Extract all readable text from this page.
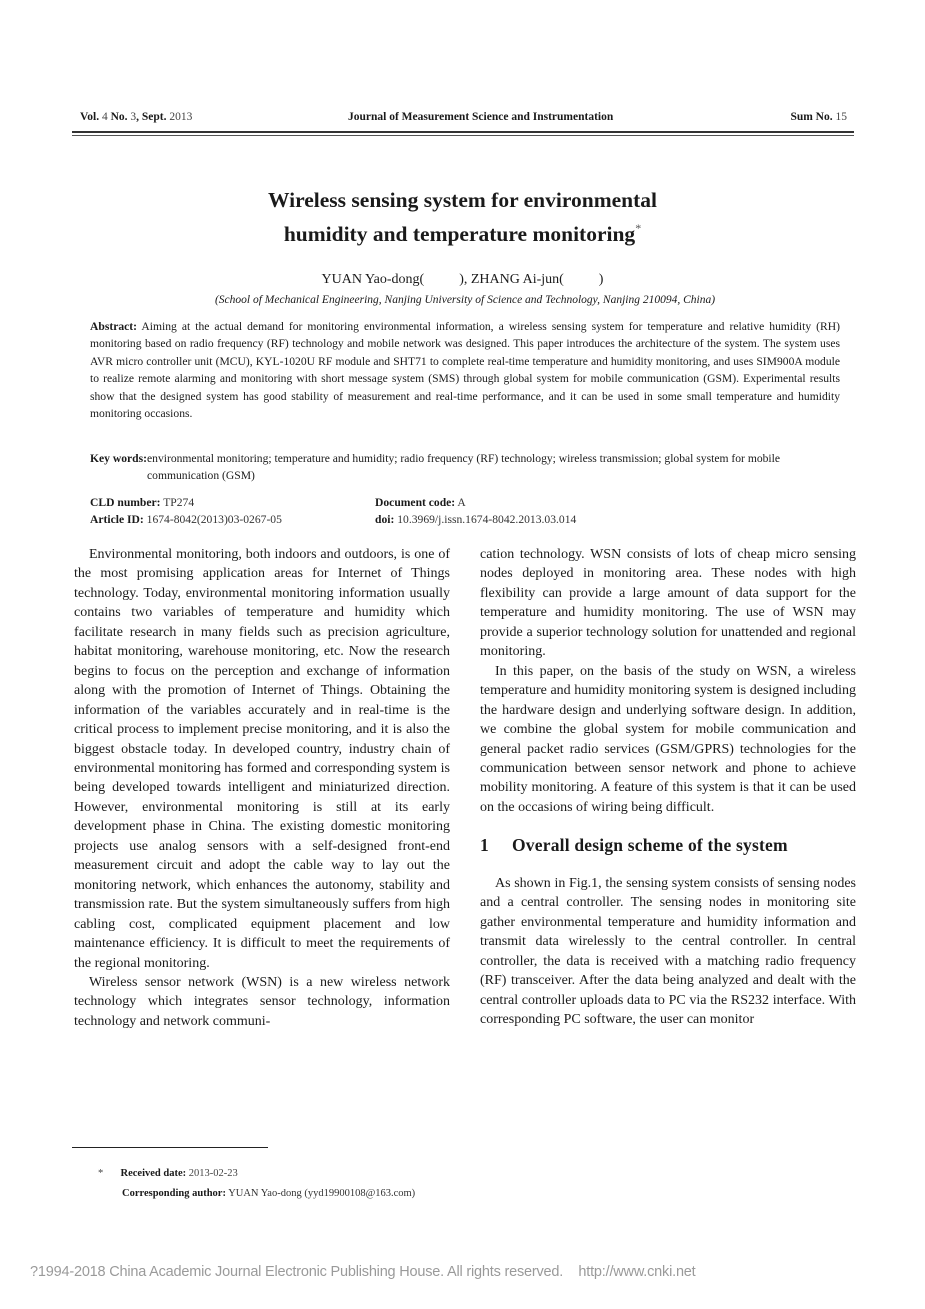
Vol. 4 No. 3, Sept. 2013	Journal of Measurement Science and Instrumentation	Sum No. 15
Wireless sensing system for environmental
humidity and temperature monitoring*
YUAN Yao-dong(          ), ZHANG Ai-jun(          )
(School of Mechanical Engineering, Nanjing University of Science and Technology, Nanjing 210094, China)
Abstract: Aiming at the actual demand for monitoring environmental information, a wireless sensing system for temperature and relative humidity (RH) monitoring based on radio frequency (RF) technology and mobile network was designed. This paper introduces the architecture of the system. The system uses AVR micro controller unit (MCU), KYL-1020U RF module and SHT71 to complete real-time temperature and humidity monitoring, and uses SIM900A module to realize remote alarming and monitoring with short message system (SMS) through global system for mobile communication (GSM). Experimental results show that the designed system has good stability of measurement and real-time performance, and it can be used in some small temperature and humidity monitoring occasions.
Key words: environmental monitoring; temperature and humidity; radio frequency (RF) technology; wireless transmission; global system for mobile communication (GSM)
CLD number: TP274	Document code: A
Article ID: 1674-8042(2013)03-0267-05	doi: 10.3969/j.issn.1674-8042.2013.03.014

Environmental monitoring, both indoors and outdoors, is one of the most promising application areas for Internet of Things technology. Today, environmental monitoring information usually contains two variables of temperature and humidity which facilitate research in many fields such as precision agriculture, habitat monitoring, warehouse monitoring, etc. Now the research begins to focus on the perception and exchange of information along with the promotion of Internet of Things. Obtaining the information of the variables accurately and in real-time is the critical process to implement precise monitoring, and it is also the biggest obstacle today. In developed country, industry chain of environmental monitoring has formed and corresponding system is being developed towards intelligent and miniaturized direction. However, environmental monitoring is still at its early development phase in China. The existing domestic monitoring projects use analog sensors with a self-designed front-end measurement circuit and adopt the cable way to lay out the monitoring network, which enhances the autonomy, stability and transmission rate. But the system simultaneously suffers from high cabling cost, complicated equipment placement and low maintenance efficiency. It is difficult to meet the requirements of the regional monitoring.

Wireless sensor network (WSN) is a new wireless network technology which integrates sensor technology, information technology and network communi-

cation technology. WSN consists of lots of cheap micro sensing nodes deployed in monitoring area. These nodes with high flexibility can provide a large amount of data support for the temperature and humidity monitoring. The use of WSN may provide a superior technology solution for unattended and regional monitoring.

In this paper, on the basis of the study on WSN, a wireless temperature and humidity monitoring system is designed including the hardware design and underlying software design. In addition, we combine the global system for mobile communication and general packet radio services (GSM/GPRS) technologies for the communication between sensor network and phone to achieve mobility monitoring. A feature of this system is that it can be used on the occasions of wiring being difficult.

1 Overall design scheme of the system

As shown in Fig.1, the sensing system consists of sensing nodes and a central controller. The sensing nodes in monitoring site gather environmental temperature and humidity information and transmit data wirelessly to the central controller. In central controller, the data is received with a matching radio frequency (RF) transceiver. After the data being analyzed and dealt with the central controller uploads data to PC via the RS232 interface. With corresponding PC software, the user can monitor

* Received date: 2013-02-23
Corresponding author: YUAN Yao-dong (yyd19900108@163.com)
?1994-2018 China Academic Journal Electronic Publishing House. All rights reserved.    http://www.cnki.net
